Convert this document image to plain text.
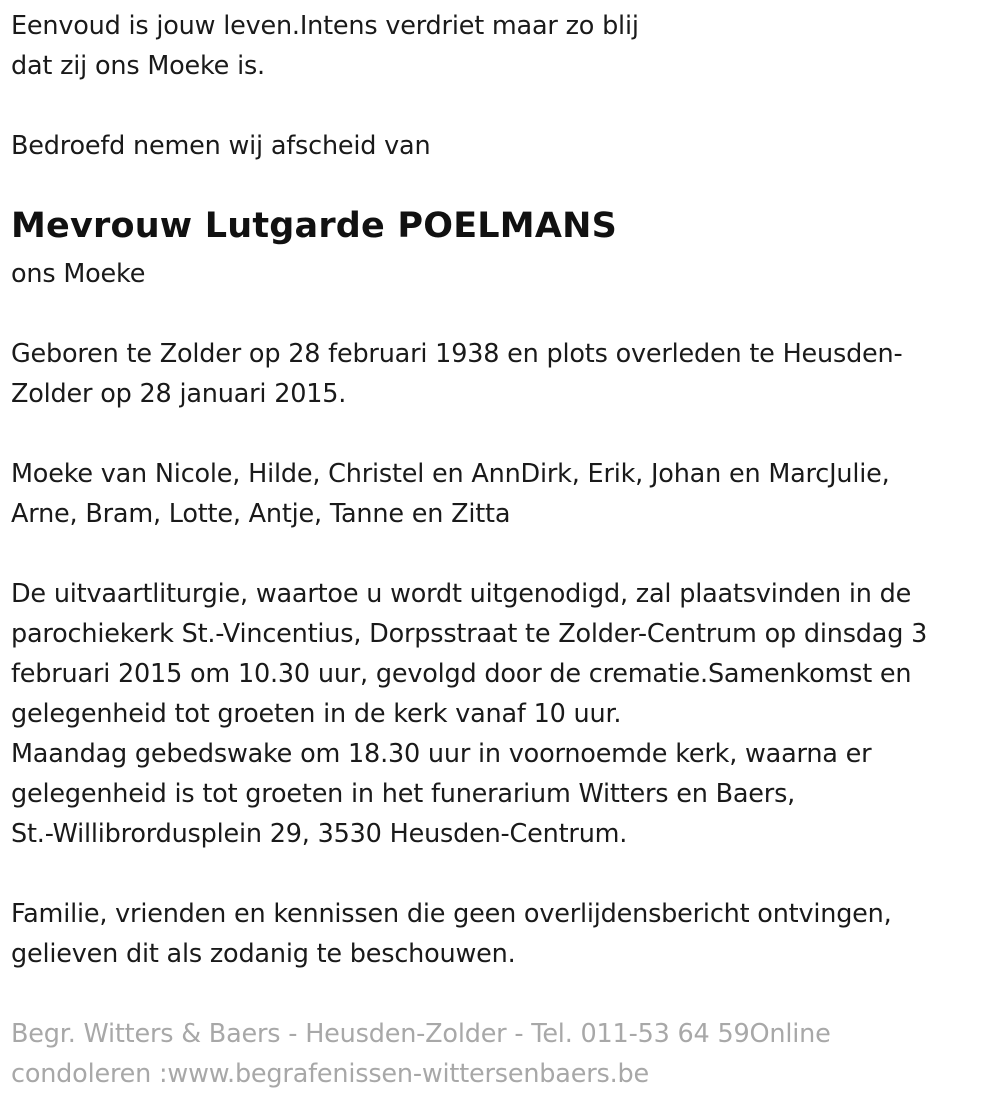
Eenvoud is jouw leven.Intens verdriet maar zo blij
dat zij ons Moeke is.
Bedroefd nemen wij afscheid van
Mevrouw Lutgarde POELMANS
ons Moeke
Geboren te Zolder op 28 februari 1938 en plots overleden te Heusden-
Zolder op 28 januari 2015.
Moeke van Nicole, Hilde, Christel en AnnDirk, Erik, Johan en MarcJulie,
Arne, Bram, Lotte, Antje, Tanne en Zitta
De uitvaartliturgie, waartoe u wordt uitgenodigd, zal plaatsvinden in de
parochiekerk St.-Vincentius, Dorpsstraat te Zolder-Centrum op dinsdag 3
februari 2015 om 10.30 uur, gevolgd door de crematie.Samenkomst en
gelegenheid tot groeten in de kerk vanaf 10 uur.
Maandag gebedswake om 18.30 uur in voornoemde kerk, waarna er
gelegenheid is tot groeten in het funerarium Witters en Baers,
St.-Willibrordusplein 29, 3530 Heusden-Centrum.
Familie, vrienden en kennissen die geen overlijdensbericht ontvingen,
gelieven dit als zodanig te beschouwen.
Begr. Witters & Baers - Heusden-Zolder - Tel. 011-53 64 59Online
condoleren :www.begrafenissen-wittersenbaers.be
